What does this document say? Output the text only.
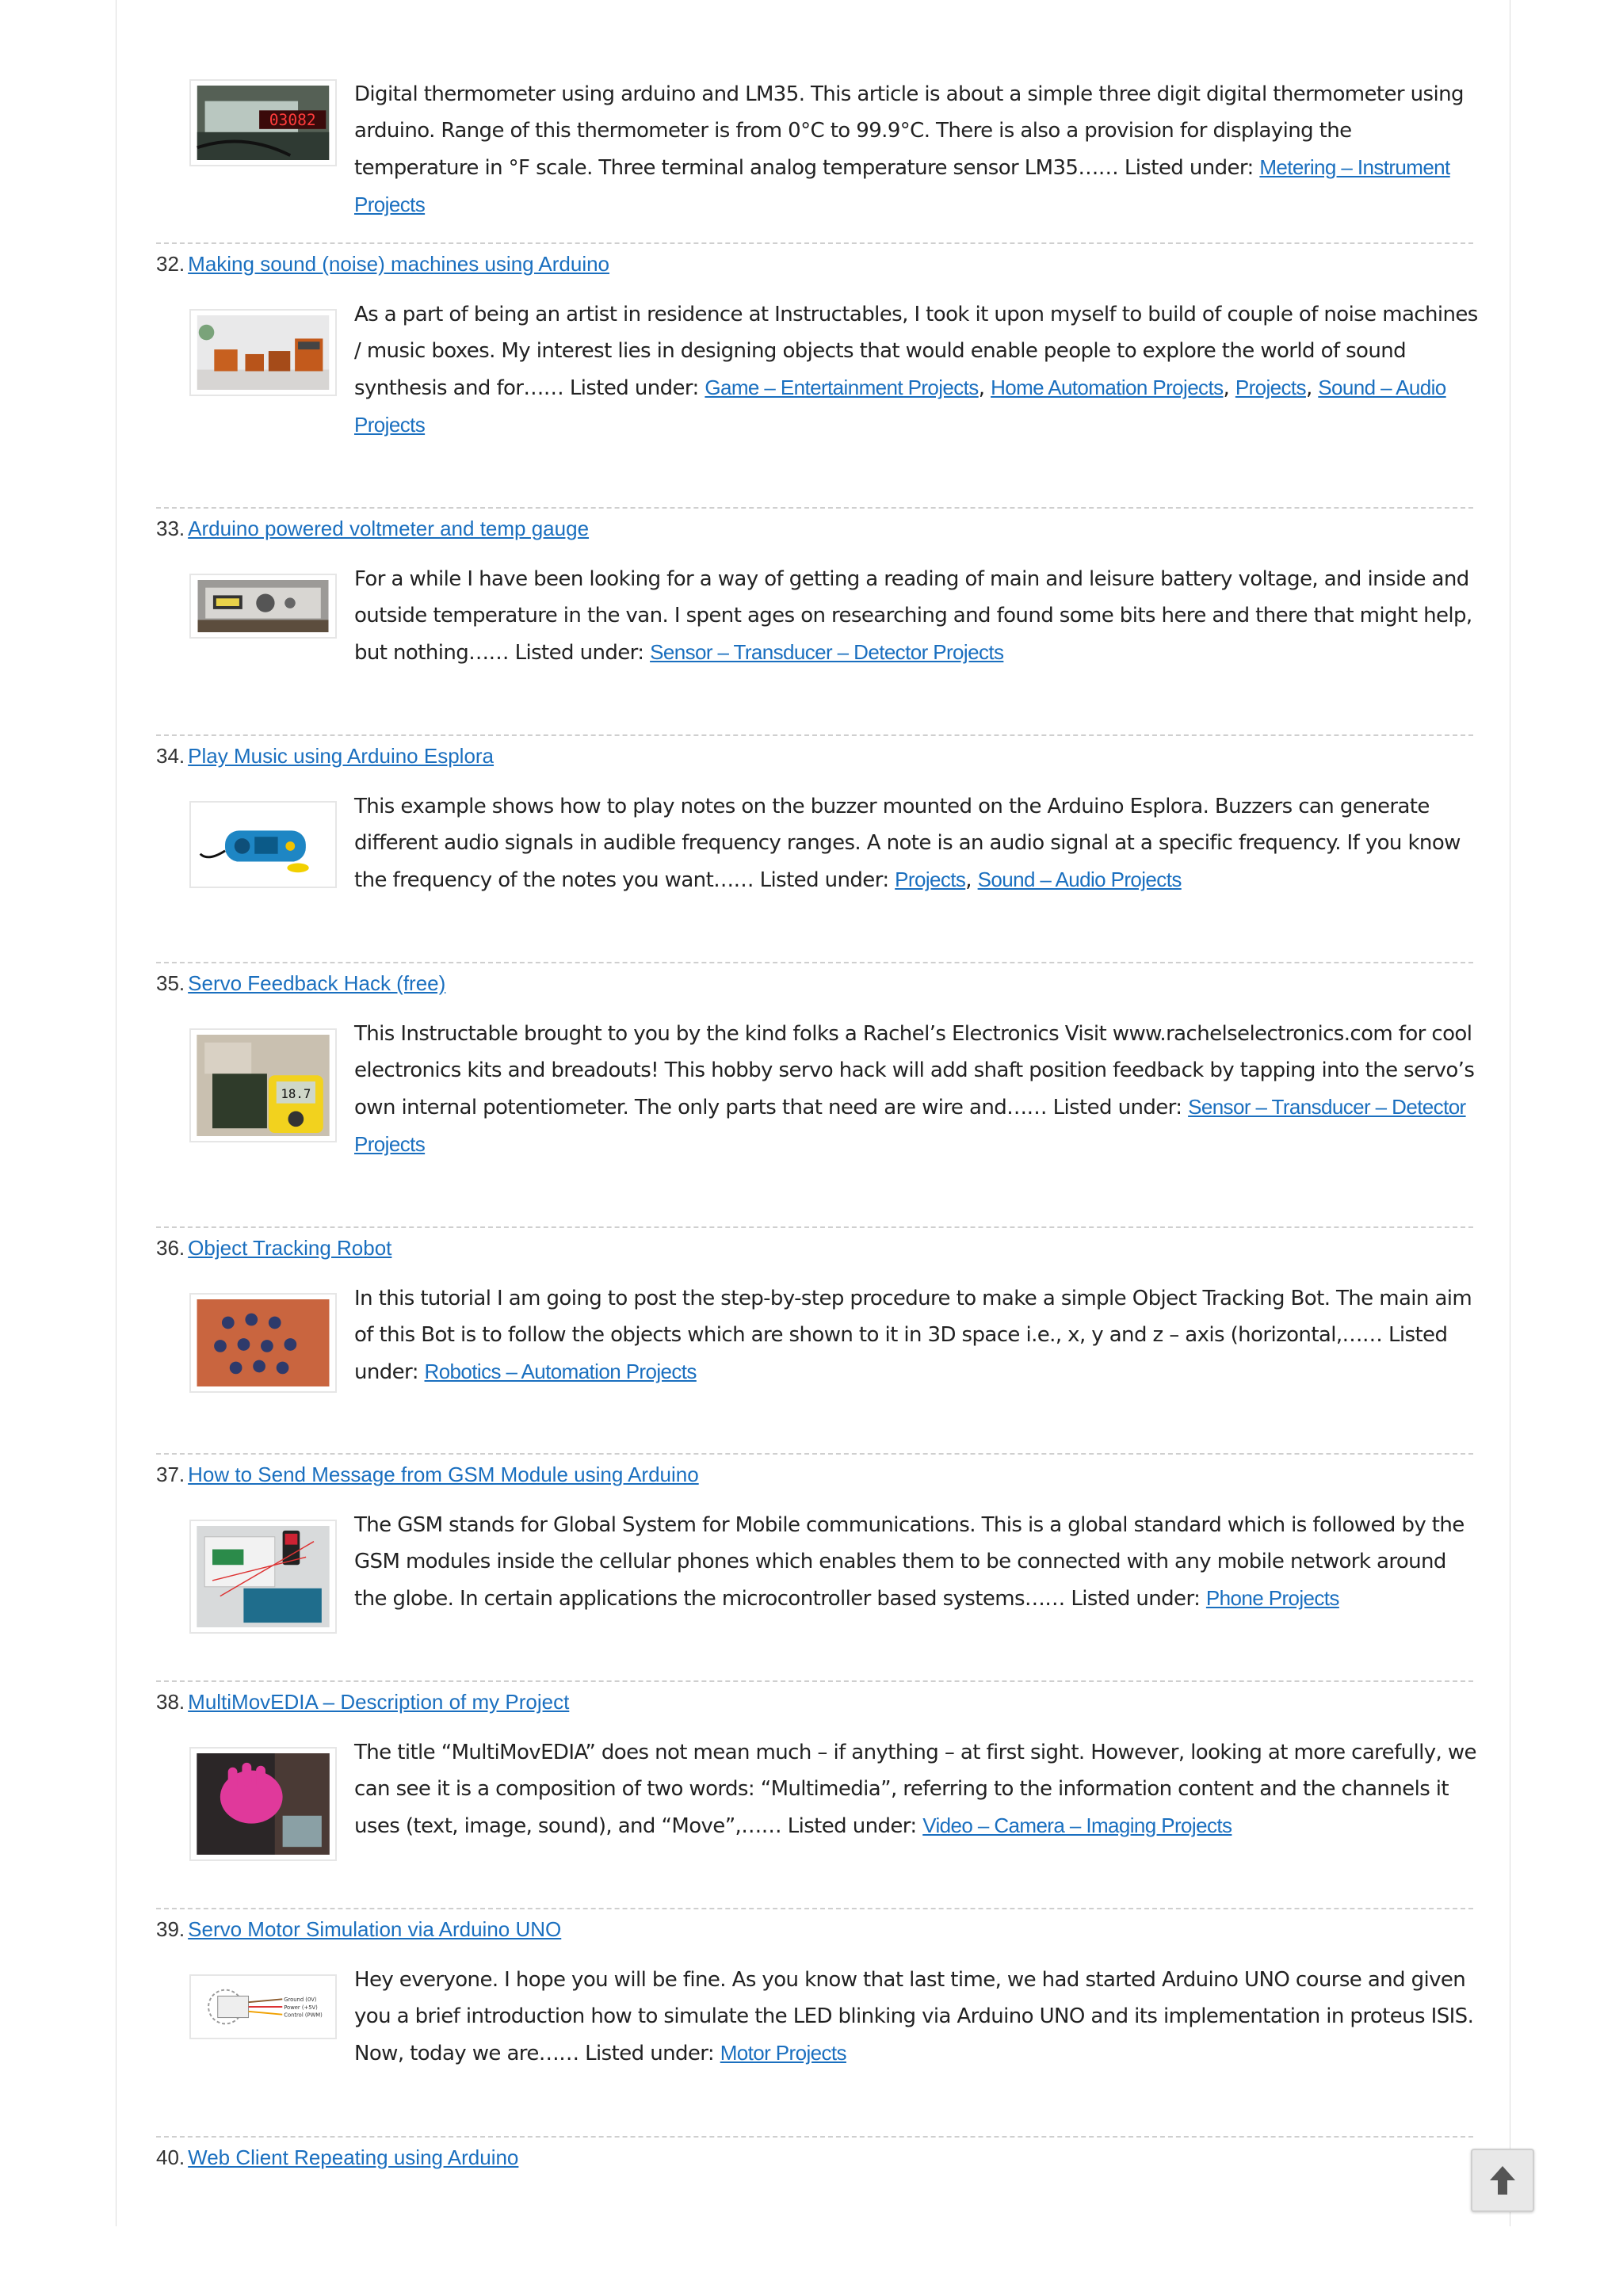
03082
Digital thermometer using arduino and LM35. This article is about a simple three digit digital thermometer using arduino. Range of this thermometer is from 0°C to 99.9°C. There is also a provision for displaying the temperature in °F scale. Three terminal analog temperature sensor LM35…… Listed under: Metering – Instrument Projects
32. Making sound (noise) machines using Arduino
As a part of being an artist in residence at Instructables, I took it upon myself to build of couple of noise machines / music boxes. My interest lies in designing objects that would enable people to explore the world of sound synthesis and for…… Listed under: Game – Entertainment Projects, Home Automation Projects, Projects, Sound – Audio Projects
33. Arduino powered voltmeter and temp gauge
For a while I have been looking for a way of getting a reading of main and leisure battery voltage, and inside and outside temperature in the van. I spent ages on researching and found some bits here and there that might help, but nothing…… Listed under: Sensor – Transducer – Detector Projects
34. Play Music using Arduino Esplora
This example shows how to play notes on the buzzer mounted on the Arduino Esplora. Buzzers can generate different audio signals in audible frequency ranges. A note is an audio signal at a specific frequency. If you know the frequency of the notes you want…… Listed under: Projects, Sound – Audio Projects
35. Servo Feedback Hack (free)
18.7
This Instructable brought to you by the kind folks a Rachel’s Electronics Visit www.rachelselectronics.com for cool electronics kits and breadouts! This hobby servo hack will add shaft position feedback by tapping into the servo’s own internal potentiometer. The only parts that need are wire and…… Listed under: Sensor – Transducer – Detector Projects
36. Object Tracking Robot
In this tutorial I am going to post the step-by-step procedure to make a simple Object Tracking Bot. The main aim of this Bot is to follow the objects which are shown to it in 3D space i.e., x, y and z – axis (horizontal,…… Listed under: Robotics – Automation Projects
37. How to Send Message from GSM Module using Arduino
The GSM stands for Global System for Mobile communications. This is a global standard which is followed by the GSM modules inside the cellular phones which enables them to be connected with any mobile network around the globe. In certain applications the microcontroller based systems…… Listed under: Phone Projects
38. MultiMovEDIA – Description of my Project
The title “MultiMovEDIA” does not mean much – if anything – at first sight. However, looking at more carefully, we can see it is a composition of two words: “Multimedia”, referring to the information content and the channels it uses (text, image, sound), and “Move”,…… Listed under: Video – Camera – Imaging Projects
39. Servo Motor Simulation via Arduino UNO
Ground (0V)
Power (+5V)
Control (PWM)
Hey everyone. I hope you will be fine. As you know that last time, we had started Arduino UNO course and given you a brief introduction how to simulate the LED blinking via Arduino UNO and its implementation in proteus ISIS. Now, today we are…… Listed under: Motor Projects
40. Web Client Repeating using Arduino
